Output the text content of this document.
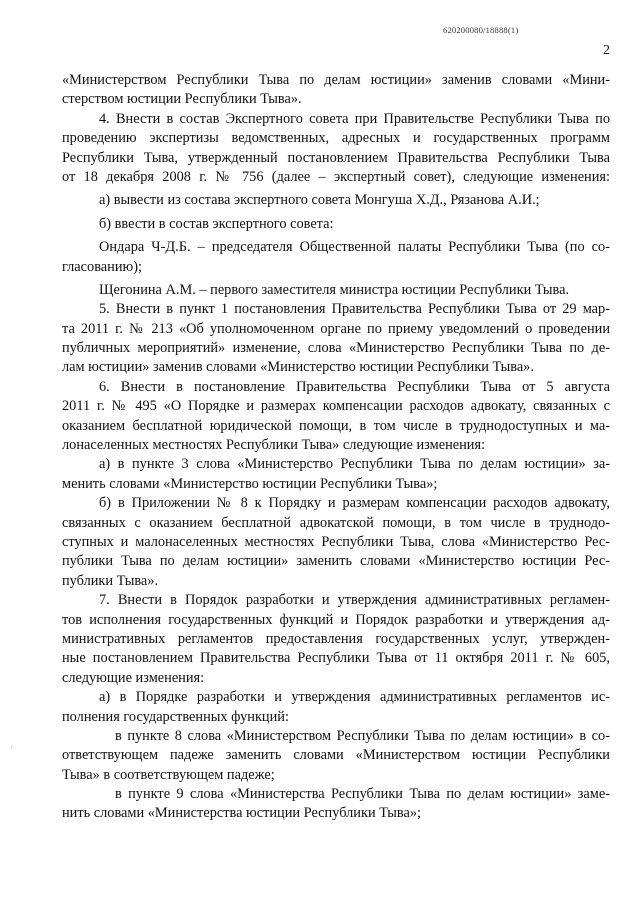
620200080/18888(1)
2
·
«Министерством Республики Тыва по делам юстиции» заменив словами «Мини-
стерством юстиции Республики Тыва».
4. Внести в состав Экспертного совета при Правительстве Республики Тыва по
проведению экспертизы ведомственных, адресных и государственных программ
Республики Тыва, утвержденный постановлением Правительства Республики Тыва
от 18 декабря 2008 г. № 756 (далее – экспертный совет), следующие изменения:
а) вывести из состава экспертного совета Монгуша Х.Д., Рязанова А.И.;
б) ввести в состав экспертного совета:
Ондара Ч-Д.Б. – председателя Общественной палаты Республики Тыва (по со-
гласованию);
Щегонина А.М. – первого заместителя министра юстиции Республики Тыва.
5. Внести в пункт 1 постановления Правительства Республики Тыва от 29 мар-
та 2011 г. № 213 «Об уполномоченном органе по приему уведомлений о проведении
публичных мероприятий» изменение, слова «Министерство Республики Тыва по де-
лам юстиции» заменив словами «Министерство юстиции Республики Тыва».
6. Внести в постановление Правительства Республики Тыва от 5 августа
2011 г. № 495 «О Порядке и размерах компенсации расходов адвокату, связанных с
оказанием бесплатной юридической помощи, в том числе в труднодоступных и ма-
лонаселенных местностях Республики Тыва» следующие изменения:
а) в пункте 3 слова «Министерство Республики Тыва по делам юстиции» за-
менить словами «Министерство юстиции Республики Тыва»;
б) в Приложении № 8 к Порядку и размерам компенсации расходов адвокату,
связанных с оказанием бесплатной адвокатской помощи, в том числе в труднодо-
ступных и малонаселенных местностях Республики Тыва, слова «Министерство Рес-
публики Тыва по делам юстиции» заменить словами «Министерство юстиции Рес-
публики Тыва».
7. Внести в Порядок разработки и утверждения административных регламен-
тов исполнения государственных функций и Порядок разработки и утверждения ад-
министративных регламентов предоставления государственных услуг, утвержден-
ные постановлением Правительства Республики Тыва от 11 октября 2011 г. № 605,
следующие изменения:
а) в Порядке разработки и утверждения административных регламентов ис-
полнения государственных функций:
в пункте 8 слова «Министерством Республики Тыва по делам юстиции» в со-
ответствующем падеже заменить словами «Министерством юстиции Республики
Тыва» в соответствующем падеже;
в пункте 9 слова «Министерства Республики Тыва по делам юстиции» заме-
нить словами «Министерства юстиции Республики Тыва»;
